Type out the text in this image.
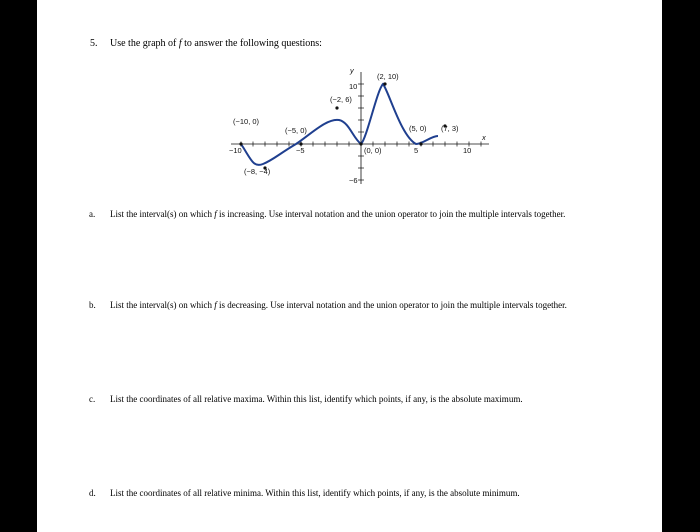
5. Use the graph of f to answer the following questions:
y
x
10
−6
−10	−5	5	10
(−10, 0)
(−8, −4)
(−5, 0)
(−2, 6)
(0, 0)
(2, 10)
(5, 0) (7, 3)
a. List the interval(s) on which f is increasing. Use interval notation and the union operator to join the multiple intervals together.
b. List the interval(s) on which f is decreasing. Use interval notation and the union operator to join the multiple intervals together.
c. List the coordinates of all relative maxima. Within this list, identify which points, if any, is the absolute maximum.
d. List the coordinates of all relative minima. Within this list, identify which points, if any, is the absolute minimum.
